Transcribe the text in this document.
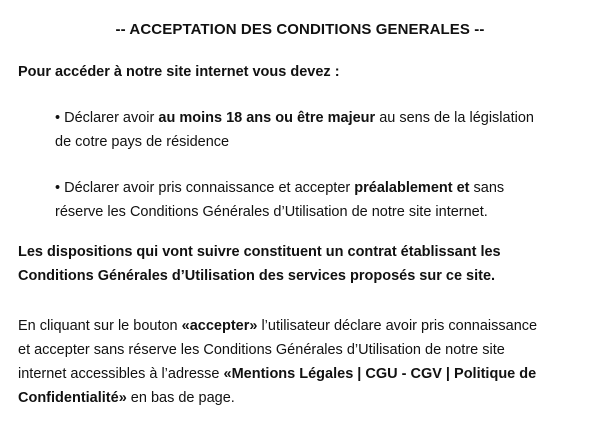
-- ACCEPTATION DES CONDITIONS GENERALES --

Pour accéder à notre site internet vous devez :

• Déclarer avoir au moins 18 ans ou être majeur au sens de la législation de cotre pays de résidence

• Déclarer avoir pris connaissance et accepter préalablement et sans réserve les Conditions Générales d’Utilisation de notre site internet.

Les dispositions qui vont suivre constituent un contrat établissant les Conditions Générales d’Utilisation des services proposés sur ce site.

En cliquant sur le bouton «accepter» l’utilisateur déclare avoir pris connaissance et accepter sans réserve les Conditions Générales d’Utilisation de notre site internet accessibles à l’adresse «Mentions Légales | CGU - CGV | Politique de Confidentialité» en bas de page.
